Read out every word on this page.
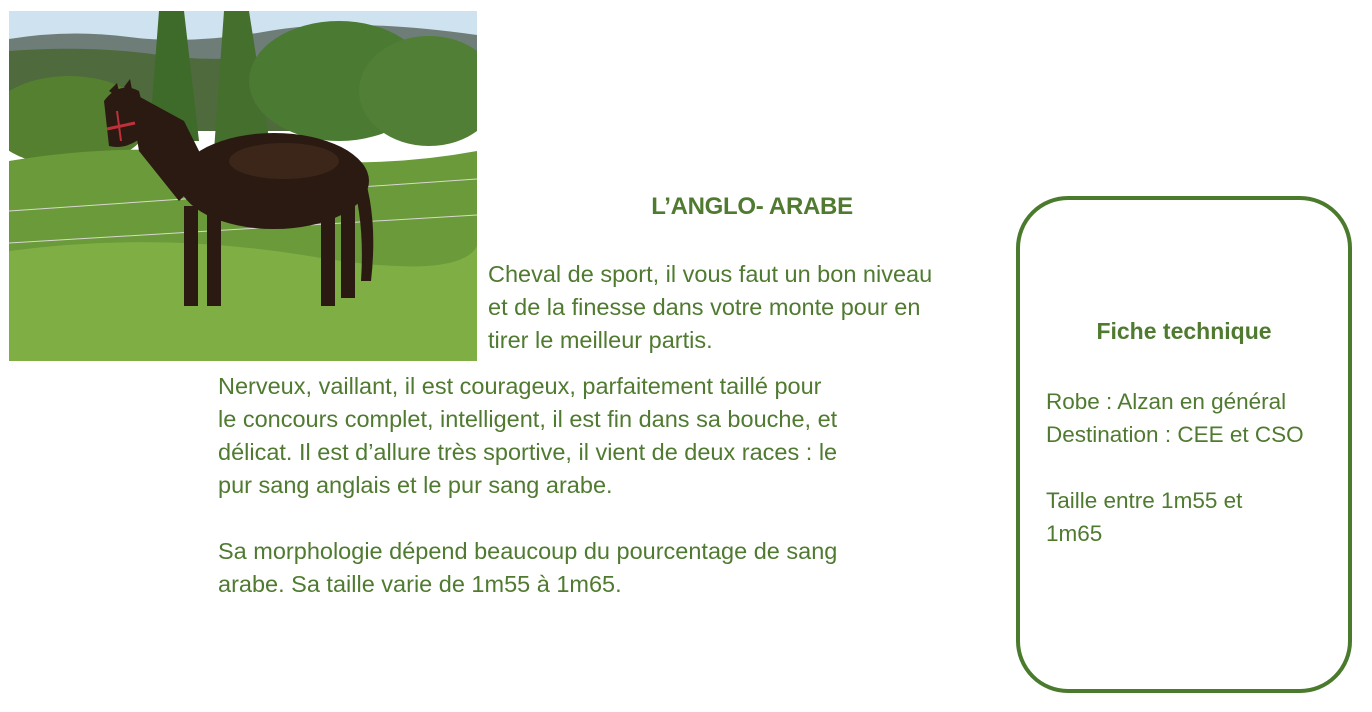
L’ANGLO- ARABE
Cheval de sport, il vous faut un bon niveau
et de la finesse dans votre monte pour en
tirer le meilleur partis.
Nerveux, vaillant, il est courageux, parfaitement taillé pour
le concours complet, intelligent, il est fin dans sa bouche, et
délicat. Il est d’allure très sportive, il vient de deux races : le
pur sang anglais et le pur sang arabe.
Sa morphologie dépend beaucoup du pourcentage de sang
arabe. Sa taille varie de 1m55 à 1m65.
Fiche technique
Robe : Alzan en général
Destination : CEE et CSO
Taille entre 1m55 et
1m65
